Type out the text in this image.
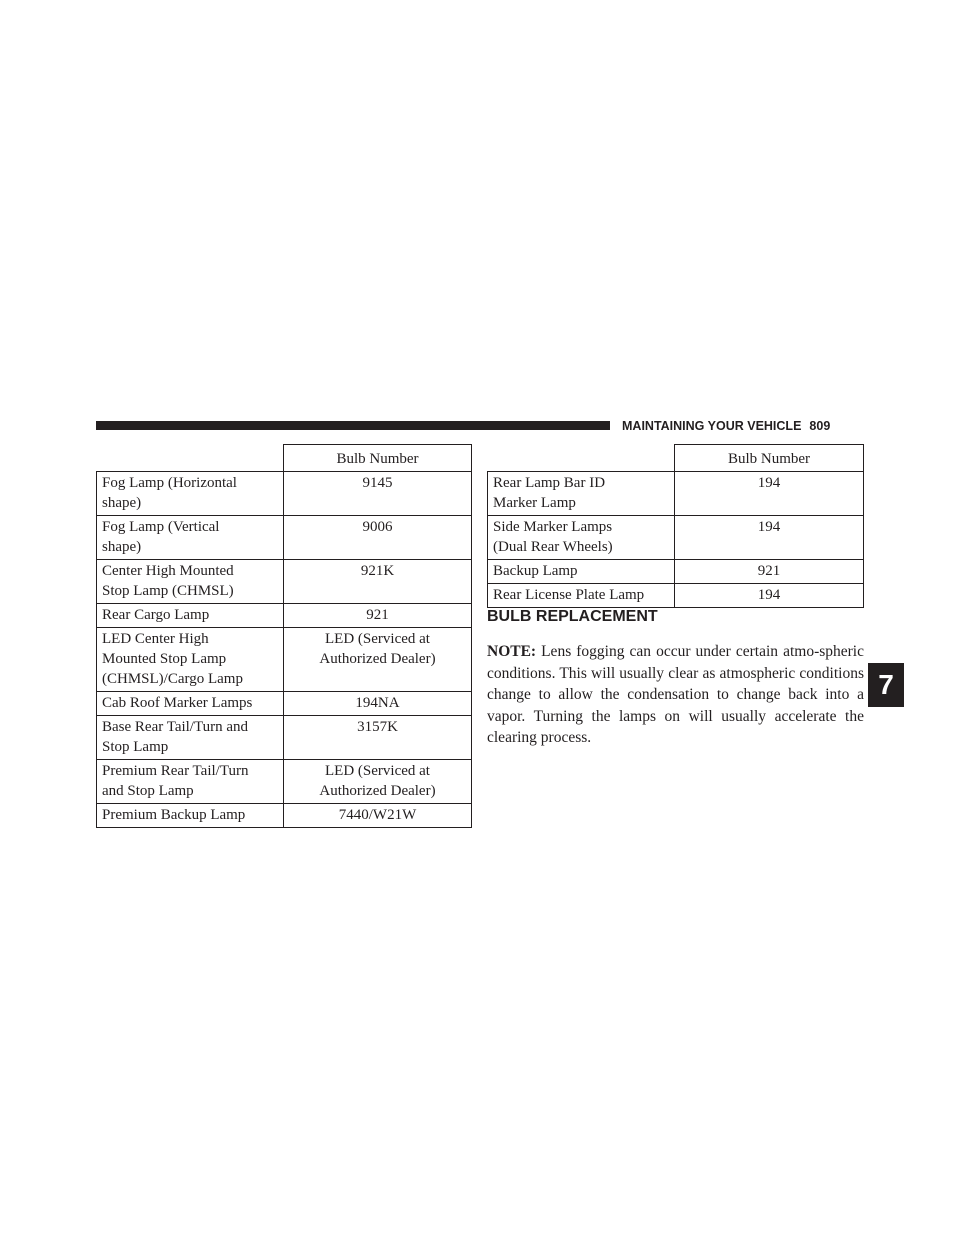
MAINTAINING YOUR VEHICLE 809
	Bulb Number
Fog Lamp (Horizontal
shape)	9145
Fog Lamp (Vertical
shape)	9006
Center High Mounted
Stop Lamp (CHMSL)	921K
Rear Cargo Lamp	921
LED Center High
Mounted Stop Lamp
(CHMSL)/Cargo Lamp	LED (Serviced at
Authorized Dealer)
Cab Roof Marker Lamps	194NA
Base Rear Tail/Turn and
Stop Lamp	3157K
Premium Rear Tail/Turn
and Stop Lamp	LED (Serviced at
Authorized Dealer)
Premium Backup Lamp	7440/W21W
	Bulb Number
Rear Lamp Bar ID
Marker Lamp	194
Side Marker Lamps
(Dual Rear Wheels)	194
Backup Lamp	921
Rear License Plate Lamp	194
BULB REPLACEMENT

NOTE: Lens fogging can occur under certain atmo-spheric conditions. This will usually clear as atmospheric conditions change to allow the condensation to change back into a vapor. Turning the lamps on will usually accelerate the clearing process.

7
